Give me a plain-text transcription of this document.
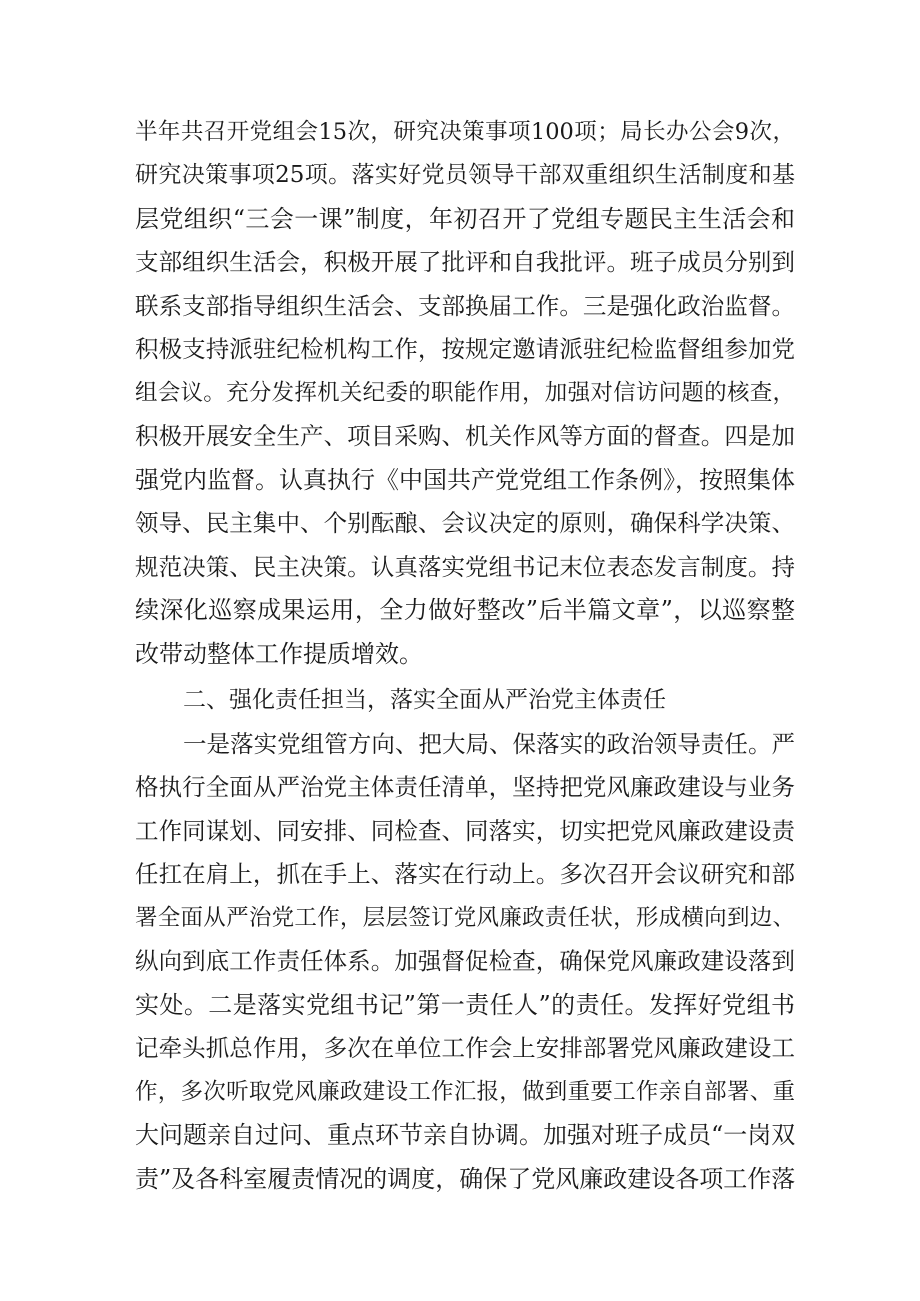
半年共召开党组会15次，研究决策事项100项；局长办公会9次，
研究决策事项25项。落实好党员领导干部双重组织生活制度和基
层党组织“三会一课”制度，年初召开了党组专题民主生活会和
支部组织生活会，积极开展了批评和自我批评。班子成员分别到
联系支部指导组织生活会、支部换届工作。三是强化政治监督。
积极支持派驻纪检机构工作，按规定邀请派驻纪检监督组参加党
组会议。充分发挥机关纪委的职能作用，加强对信访问题的核查，
积极开展安全生产、项目采购、机关作风等方面的督查。四是加
强党内监督。认真执行《中国共产党党组工作条例》，按照集体
领导、民主集中、个别酝酿、会议决定的原则，确保科学决策、
规范决策、民主决策。认真落实党组书记末位表态发言制度。持
续深化巡察成果运用，全力做好整改”后半篇文章”，以巡察整
改带动整体工作提质增效。
二、强化责任担当，落实全面从严治党主体责任
一是落实党组管方向、把大局、保落实的政治领导责任。严
格执行全面从严治党主体责任清单，坚持把党风廉政建设与业务
工作同谋划、同安排、同检查、同落实，切实把党风廉政建设责
任扛在肩上，抓在手上、落实在行动上。多次召开会议研究和部
署全面从严治党工作，层层签订党风廉政责任状，形成横向到边、
纵向到底工作责任体系。加强督促检查，确保党风廉政建设落到
实处。二是落实党组书记”第一责任人”的责任。发挥好党组书
记牵头抓总作用，多次在单位工作会上安排部署党风廉政建设工
作，多次听取党风廉政建设工作汇报，做到重要工作亲自部署、重
大问题亲自过问、重点环节亲自协调。加强对班子成员“一岗双
责”及各科室履责情况的调度，确保了党风廉政建设各项工作落
